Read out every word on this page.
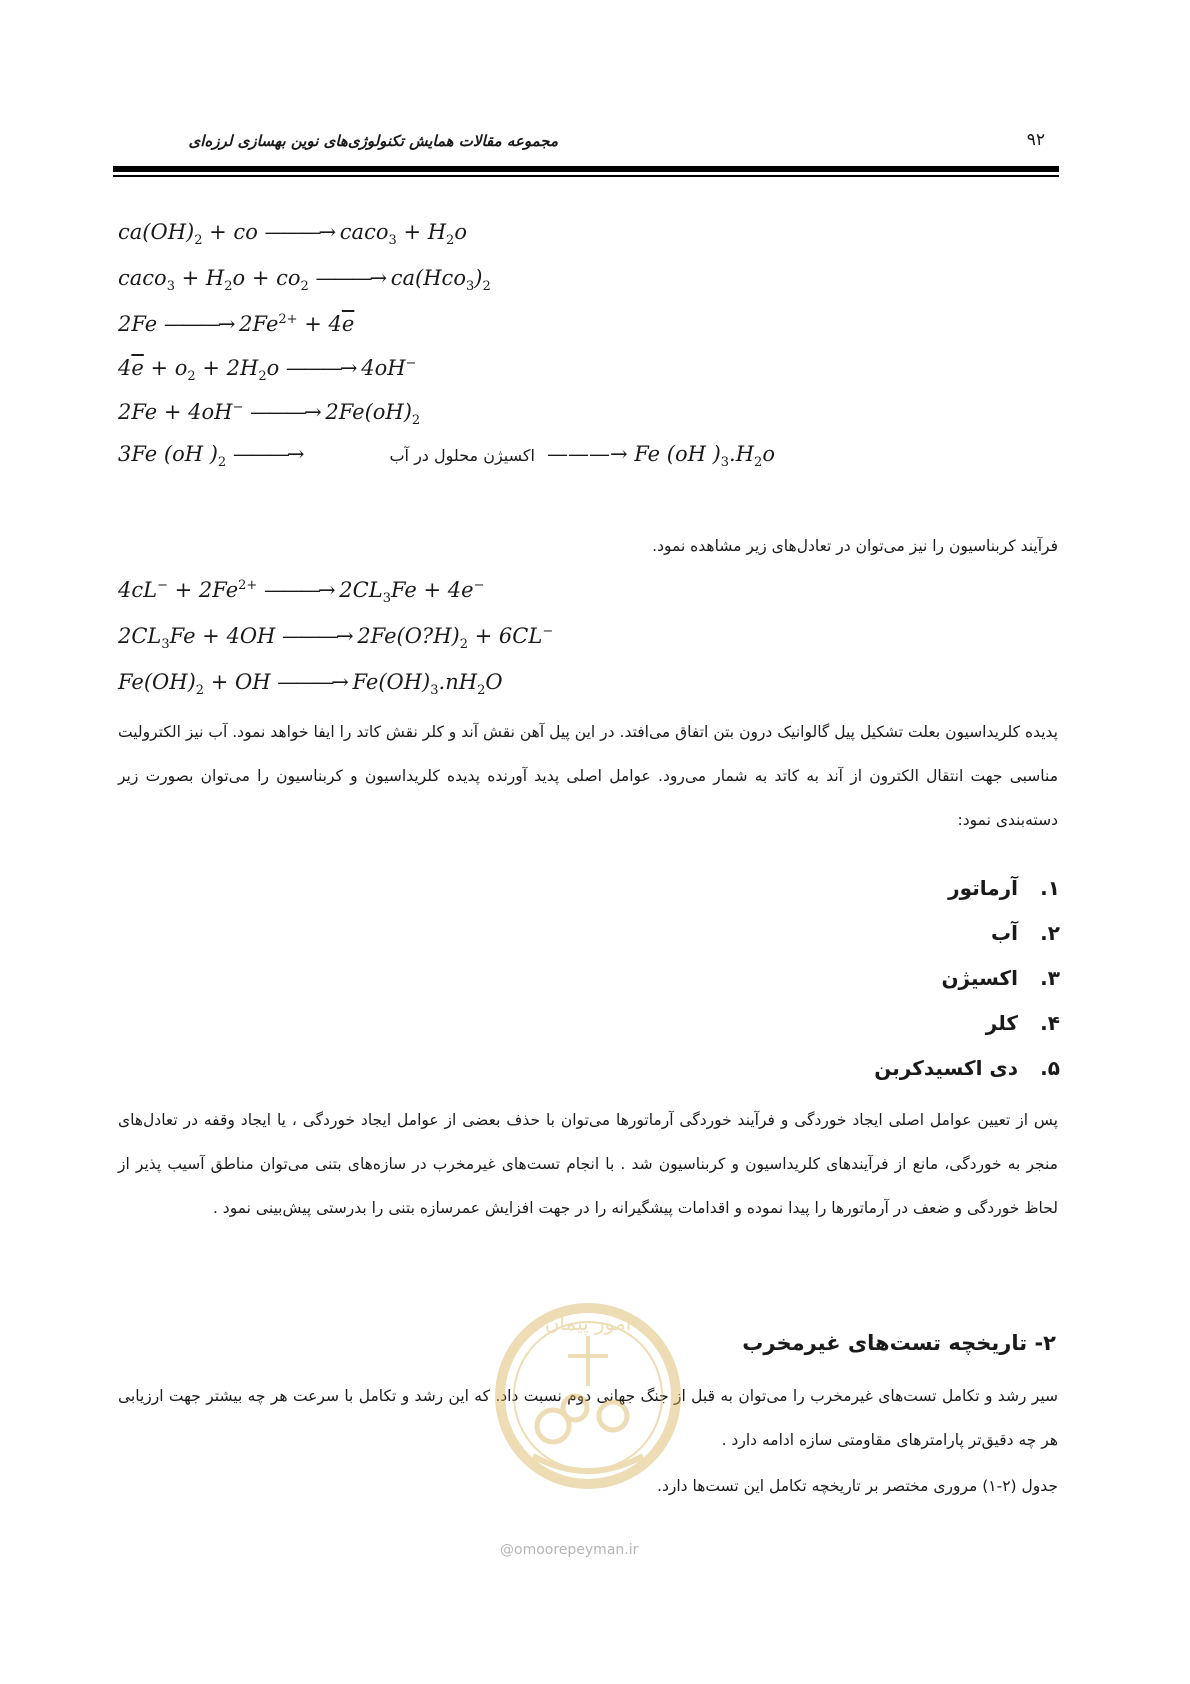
مجموعه مقالات همایش تکنولوژی‌های نوین بهسازی لرزه‌ای	۹۲
$ca(OH)_2$ + co ———→ caco$_3$ + $H_2o$
caco$_3$ + $H_2o + co_2$ ———→ $ca(Hco_3)_2$
2Fe ———→ $2Fe^{2+} + 4\overline{e}$
$4\overline{e} + o_2 + 2H_2o$ ———→ 4oH−
2Fe + 4oH− ———→ $2Fe(oH)_2$
3Fe (oH )$_2$ ———→	اکسیژن محلول در آب ———→ Fe (oH )$_3.H_2o$
فرآیند کربناسیون را نیز می‌توان در تعادل‌های زیر مشاهده نمود.
$4cL^- + 2Fe^{2+}$ ———→ $2CL_3Fe + 4e^-$
$2CL_3Fe + 4OH$ ———→ $2Fe(O?H)_2 + 6CL^-$
$Fe(OH)_2$ + OH ———→ $Fe(OH)_3.nH_2O$
پدیده کلریداسیون بعلت تشکیل پیل گالوانیک درون بتن اتفاق می‌افتد. در این پیل آهن نقش آند و کلر نقش کاتد را ایفا خواهد نمود. آب نیز الکترولیت مناسبی جهت انتقال الکترون از آند به کاتد به شمار می‌رود. عوامل اصلی پدید آورنده پدیده کلریداسیون و کربناسیون را می‌توان بصورت زیر دسته‌بندی نمود:
۱.آرماتور
۲.آب
۳.اکسیژن
۴.کلر
۵.دی اکسیدکربن
پس از تعیین عوامل اصلی ایجاد خوردگی و فرآیند خوردگی آرماتورها می‌توان با حذف بعضی از عوامل ایجاد خوردگی ، یا ایجاد وقفه در تعادل‌های منجر به خوردگی، مانع از فرآیندهای کلریداسیون و کربناسیون شد . با انجام تست‌های غیرمخرب در سازه‌های بتنی می‌توان مناطق آسیب پذیر از لحاظ خوردگی و ضعف در آرماتورها را پیدا نموده و اقدامات پیشگیرانه را در جهت افزایش عمرسازه بتنی را بدرستی پیش‌بینی نمود .
۲- تاریخچه تست‌های غیرمخرب
سیر رشد و تکامل تست‌های غیرمخرب را می‌توان به قبل از جنگ جهانی دوم نسبت داد. که این رشد و تکامل با سرعت هر چه بیشتر جهت ارزیابی هر چه دقیق‌تر پارامترهای مقاومتی سازه ادامه دارد .
جدول (۲-۱) مروری مختصر بر تاریخچه تکامل این تست‌ها دارد.
امور پیمان
@omoorepeyman.ir
